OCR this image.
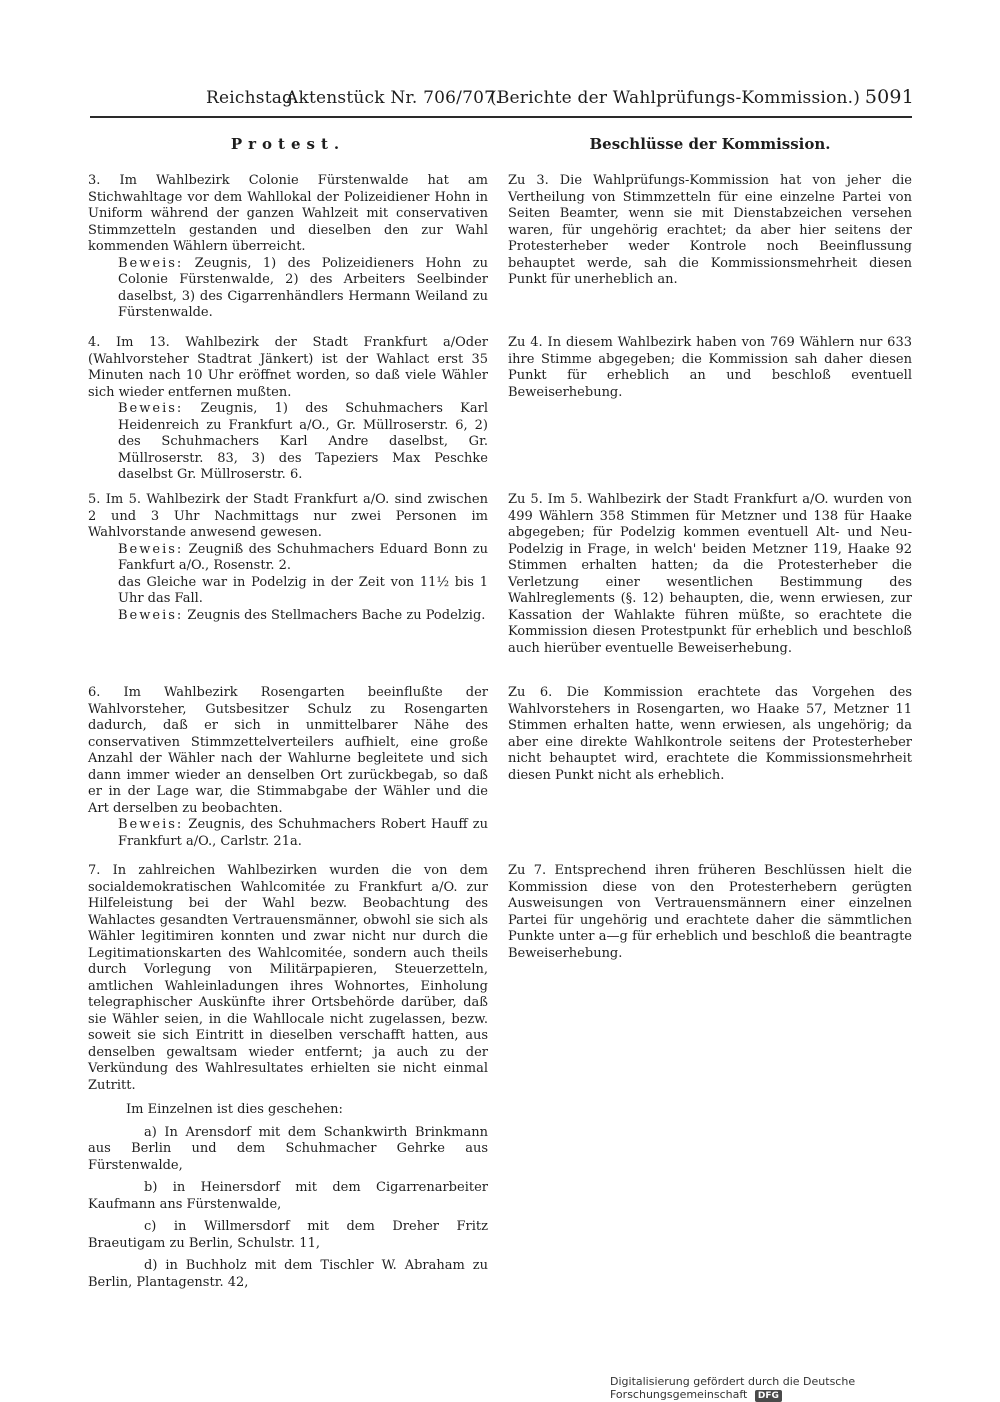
Reichstag.
Aktenstück Nr. 706/707.
(Berichte der Wahlprüfungs-Kommission.) 5091
Protest.
3. Im Wahlbezirk Colonie Fürstenwalde hat am Stichwahltage vor dem Wahllokal der Polizeidiener Hohn in Uniform während der ganzen Wahlzeit mit conservativen Stimmzetteln gestanden und dieselben den zur Wahl kommenden Wählern überreicht.
Beweis: Zeugnis, 1) des Polizeidieners Hohn zu Colonie Fürstenwalde, 2) des Arbeiters Seelbinder daselbst, 3) des Cigarrenhändlers Hermann Weiland zu Fürstenwalde.
4. Im 13. Wahlbezirk der Stadt Frankfurt a/Oder (Wahlvorsteher Stadtrat Jänkert) ist der Wahlact erst 35 Minuten nach 10 Uhr eröffnet worden, so daß viele Wähler sich wieder entfernen mußten.
Beweis: Zeugnis, 1) des Schuhmachers Karl Heidenreich zu Frankfurt a/O., Gr. Müllroserstr. 6, 2) des Schuhmachers Karl Andre daselbst, Gr. Müllroserstr. 83, 3) des Tapeziers Max Peschke daselbst Gr. Müllroserstr. 6.
5. Im 5. Wahlbezirk der Stadt Frankfurt a/O. sind zwischen 2 und 3 Uhr Nachmittags nur zwei Personen im Wahlvorstande anwesend gewesen.
Beweis: Zeugniß des Schuhmachers Eduard Bonn zu Fankfurt a/O., Rosenstr. 2.
das Gleiche war in Podelzig in der Zeit von 11½ bis 1 Uhr das Fall.
Beweis: Zeugnis des Stellmachers Bache zu Podelzig.
6. Im Wahlbezirk Rosengarten beeinflußte der Wahlvorsteher, Gutsbesitzer Schulz zu Rosengarten dadurch, daß er sich in unmittelbarer Nähe des conservativen Stimmzettelverteilers aufhielt, eine große Anzahl der Wähler nach der Wahlurne begleitete und sich dann immer wieder an denselben Ort zurückbegab, so daß er in der Lage war, die Stimmabgabe der Wähler und die Art derselben zu beobachten.
Beweis: Zeugnis, des Schuhmachers Robert Hauff zu Frankfurt a/O., Carlstr. 21a.
7. In zahlreichen Wahlbezirken wurden die von dem socialdemokratischen Wahlcomitée zu Frankfurt a/O. zur Hilfeleistung bei der Wahl bezw. Beobachtung des Wahlactes gesandten Vertrauensmänner, obwohl sie sich als Wähler legitimiren konnten und zwar nicht nur durch die Legitimationskarten des Wahlcomitée, sondern auch theils durch Vorlegung von Militärpapieren, Steuerzetteln, amtlichen Wahleinladungen ihres Wohnortes, Einholung telegraphischer Auskünfte ihrer Ortsbehörde darüber, daß sie Wähler seien, in die Wahllocale nicht zugelassen, bezw. soweit sie sich Eintritt in dieselben verschafft hatten, aus denselben gewaltsam wieder entfernt; ja auch zu der Verkündung des Wahlresultates erhielten sie nicht einmal Zutritt.
Im Einzelnen ist dies geschehen:
a) In Arensdorf mit dem Schankwirth Brinkmann aus Berlin und dem Schuhmacher Gehrke aus Fürstenwalde,
b) in Heinersdorf mit dem Cigarrenarbeiter Kaufmann ans Fürstenwalde,
c) in Willmersdorf mit dem Dreher Fritz Braeutigam zu Berlin, Schulstr. 11,
d) in Buchholz mit dem Tischler W. Abraham zu Berlin, Plantagenstr. 42,
Beschlüsse der Kommission.
Zu 3. Die Wahlprüfungs-Kommission hat von jeher die Vertheilung von Stimmzetteln für eine einzelne Partei von Seiten Beamter, wenn sie mit Dienstabzeichen versehen waren, für ungehörig erachtet; da aber hier seitens der Protesterheber weder Kontrole noch Beeinflussung behauptet werde, sah die Kommissionsmehrheit diesen Punkt für unerheblich an.
Zu 4. In diesem Wahlbezirk haben von 769 Wählern nur 633 ihre Stimme abgegeben; die Kommission sah daher diesen Punkt für erheblich an und beschloß eventuell Beweiserhebung.
Zu 5. Im 5. Wahlbezirk der Stadt Frankfurt a/O. wurden von 499 Wählern 358 Stimmen für Metzner und 138 für Haake abgegeben; für Podelzig kommen eventuell Alt- und Neu-Podelzig in Frage, in welch' beiden Metzner 119, Haake 92 Stimmen erhalten hatten; da die Protesterheber die Verletzung einer wesentlichen Bestimmung des Wahlreglements (§. 12) behaupten, die, wenn erwiesen, zur Kassation der Wahlakte führen müßte, so erachtete die Kommission diesen Protestpunkt für erheblich und beschloß auch hierüber eventuelle Beweiserhebung.
Zu 6. Die Kommission erachtete das Vorgehen des Wahlvorstehers in Rosengarten, wo Haake 57, Metzner 11 Stimmen erhalten hatte, wenn erwiesen, als ungehörig; da aber eine direkte Wahlkontrole seitens der Protesterheber nicht behauptet wird, erachtete die Kommissionsmehrheit diesen Punkt nicht als erheblich.
Zu 7. Entsprechend ihren früheren Beschlüssen hielt die Kommission diese von den Protesterhebern gerügten Ausweisungen von Vertrauensmännern einer einzelnen Partei für ungehörig und erachtete daher die sämmtlichen Punkte unter a—g für erheblich und beschloß die beantragte Beweiserhebung.
Digitalisierung gefördert durch die Deutsche Forschungsgemeinschaft DFG
